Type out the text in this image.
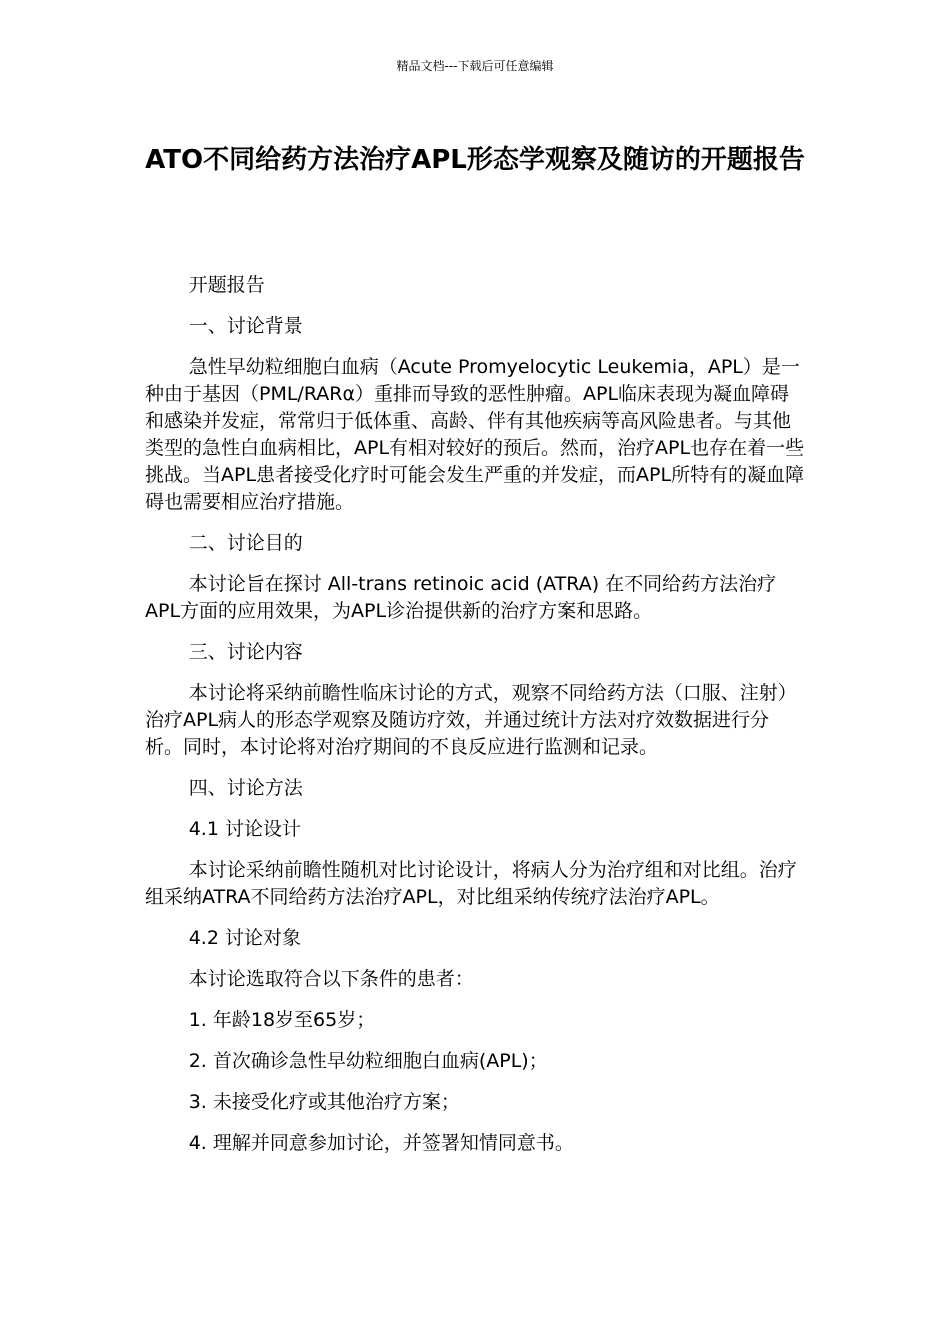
精品文档---下载后可任意编辑
ATO不同给药方法治疗APL形态学观察及随访的开题报告

开题报告

一、讨论背景

急性早幼粒细胞白血病（Acute Promyelocytic Leukemia，APL）是一种由于基因（PML/RARα）重排而导致的恶性肿瘤。APL临床表现为凝血障碍和感染并发症，常常归于低体重、高龄、伴有其他疾病等高风险患者。与其他类型的急性白血病相比，APL有相对较好的预后。然而，治疗APL也存在着一些挑战。当APL患者接受化疗时可能会发生严重的并发症，而APL所特有的凝血障碍也需要相应治疗措施。

二、讨论目的

本讨论旨在探讨 All-trans retinoic acid (ATRA) 在不同给药方法治疗APL方面的应用效果，为APL诊治提供新的治疗方案和思路。

三、讨论内容

本讨论将采纳前瞻性临床讨论的方式，观察不同给药方法（口服、注射）治疗APL病人的形态学观察及随访疗效，并通过统计方法对疗效数据进行分析。同时，本讨论将对治疗期间的不良反应进行监测和记录。

四、讨论方法

4.1 讨论设计

本讨论采纳前瞻性随机对比讨论设计，将病人分为治疗组和对比组。治疗组采纳ATRA不同给药方法治疗APL，对比组采纳传统疗法治疗APL。

4.2 讨论对象

本讨论选取符合以下条件的患者：

1. 年龄18岁至65岁；

2. 首次确诊急性早幼粒细胞白血病(APL)；

3. 未接受化疗或其他治疗方案；

4. 理解并同意参加讨论，并签署知情同意书。
